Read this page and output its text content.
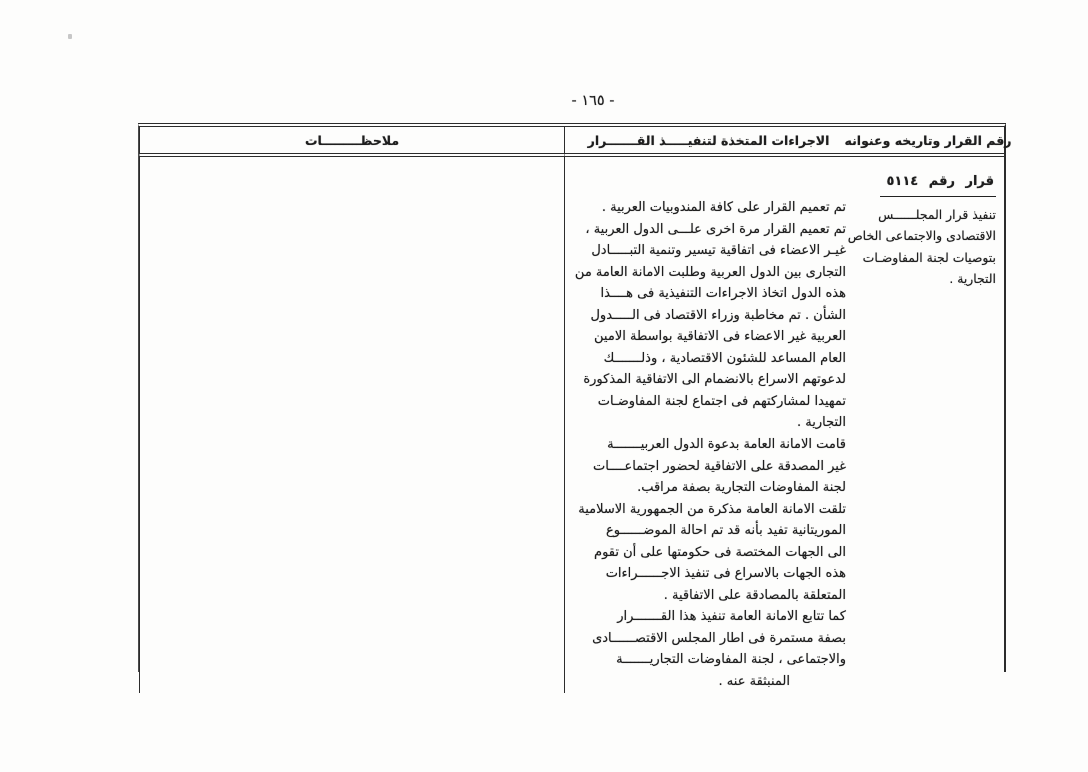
- ١٦٥ -
رقم القرار وتاريخه وعنوانه
الاجراءات المتخذة لتنفيـــــذ القـــــــرار
ملاحظـــــــــات
قرار رقم ٥١١٤
تنفيذ قرار المجلــــــس
الاقتصادى والاجتماعى الخاص
بتوصيات لجنة المفاوضـات
التجارية .
تم تعميم القرار على كافة المندوبيات العربية .
تم تعميم القرار مرة اخرى علـــى الدول العربية ،
غيـر الاعضاء فى اتفاقية تيسير وتنمية التبـــــادل
التجارى بين الدول العربية وطلبت الامانة العامة من
هذه الدول اتخاذ الاجراءات التنفيذية فى هــــذا
الشأن . تم مخاطبة وزراء الاقتصاد فى الـــــدول
العربية غير الاعضاء فى الاتفاقية بواسطة الامين
العام المساعد للشئون الاقتصادية ، وذلـــــــك
لدعوتهم الاسراع بالانضمام الى الاتفاقية المذكورة
تمهيدا لمشاركتهم فى اجتماع لجنة المفاوضـات
التجارية .
قامت الامانة العامة بدعوة الدول العربيـــــــة
غير المصدقة على الاتفاقية لحضور اجتماعــــات
لجنة المفاوضات التجارية بصفة مراقب.
تلقت الامانة العامة مذكرة من الجمهورية الاسلامية
الموريتانية تفيد بأنه قد تم احالة الموضــــــوع
الى الجهات المختصة فى حكومتها على أن تقوم
هذه الجهات بالاسراع فى تنفيذ الاجــــــراءات
المتعلقة بالمصادقة على الاتفاقية .
كما تتابع الامانة العامة تنفيذ هذا القـــــــرار
بصفة مستمرة فى اطار المجلس الاقتصــــــادى
والاجتماعى ، لجنة المفاوضات التجاريـــــــة
المنبثقة عنه .
